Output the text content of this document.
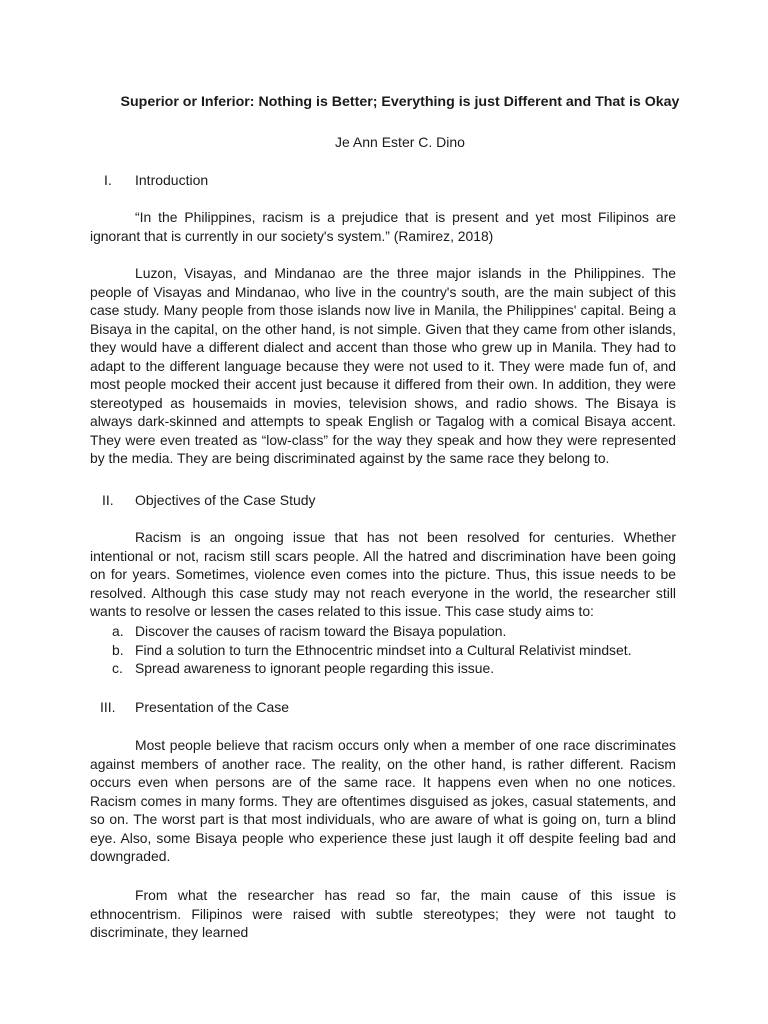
Superior or Inferior: Nothing is Better; Everything is just Different and That is Okay

Je Ann Ester C. Dino

I.	Introduction

“In the Philippines, racism is a prejudice that is present and yet most Filipinos are ignorant that is currently in our society's system.” (Ramirez, 2018)

Luzon, Visayas, and Mindanao are the three major islands in the Philippines. The people of Visayas and Mindanao, who live in the country's south, are the main subject of this case study. Many people from those islands now live in Manila, the Philippines' capital. Being a Bisaya in the capital, on the other hand, is not simple. Given that they came from other islands, they would have a different dialect and accent than those who grew up in Manila. They had to adapt to the different language because they were not used to it. They were made fun of, and most people mocked their accent just because it differed from their own. In addition, they were stereotyped as housemaids in movies, television shows, and radio shows. The Bisaya is always dark-skinned and attempts to speak English or Tagalog with a comical Bisaya accent. They were even treated as “low-class” for the way they speak and how they were represented by the media. They are being discriminated against by the same race they belong to.

II.	Objectives of the Case Study

Racism is an ongoing issue that has not been resolved for centuries. Whether intentional or not, racism still scars people. All the hatred and discrimination have been going on for years. Sometimes, violence even comes into the picture. Thus, this issue needs to be resolved. Although this case study may not reach everyone in the world, the researcher still wants to resolve or lessen the cases related to this issue. This case study aims to:

a. Discover the causes of racism toward the Bisaya population.
b. Find a solution to turn the Ethnocentric mindset into a Cultural Relativist mindset.
c. Spread awareness to ignorant people regarding this issue.
III.	Presentation of the Case

Most people believe that racism occurs only when a member of one race discriminates against members of another race. The reality, on the other hand, is rather different. Racism occurs even when persons are of the same race. It happens even when no one notices. Racism comes in many forms. They are oftentimes disguised as jokes, casual statements, and so on. The worst part is that most individuals, who are aware of what is going on, turn a blind eye. Also, some Bisaya people who experience these just laugh it off despite feeling bad and downgraded.

From what the researcher has read so far, the main cause of this issue is ethnocentrism. Filipinos were raised with subtle stereotypes; they were not taught to discriminate, they learned
